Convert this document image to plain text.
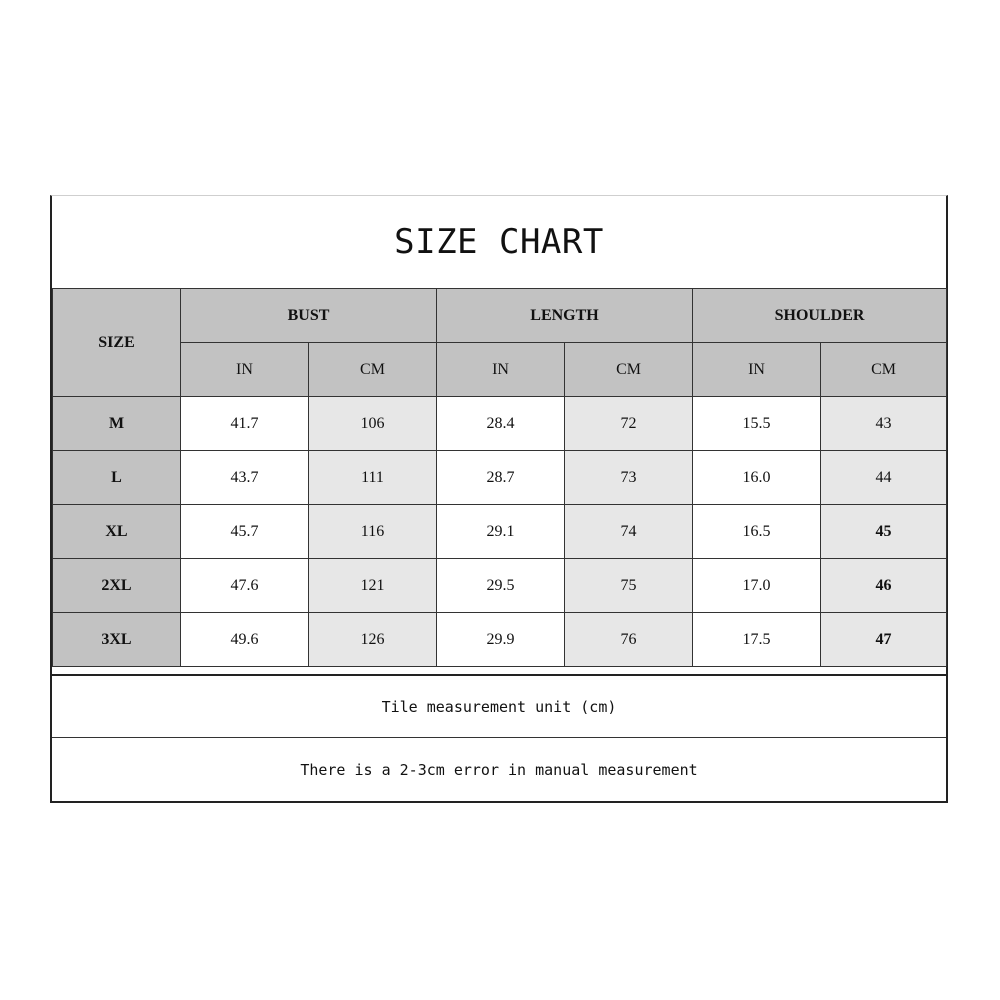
SIZE CHART
SIZE	BUST		LENGTH		SHOULDER	
	IN	CM	IN	CM	IN	CM
M	41.7	106	28.4	72	15.5	43
L	43.7	111	28.7	73	16.0	44
XL	45.7	116	29.1	74	16.5	45
2XL	47.6	121	29.5	75	17.0	46
3XL	49.6	126	29.9	76	17.5	47
Tile measurement unit (cm)
There is a 2-3cm error in manual measurement
